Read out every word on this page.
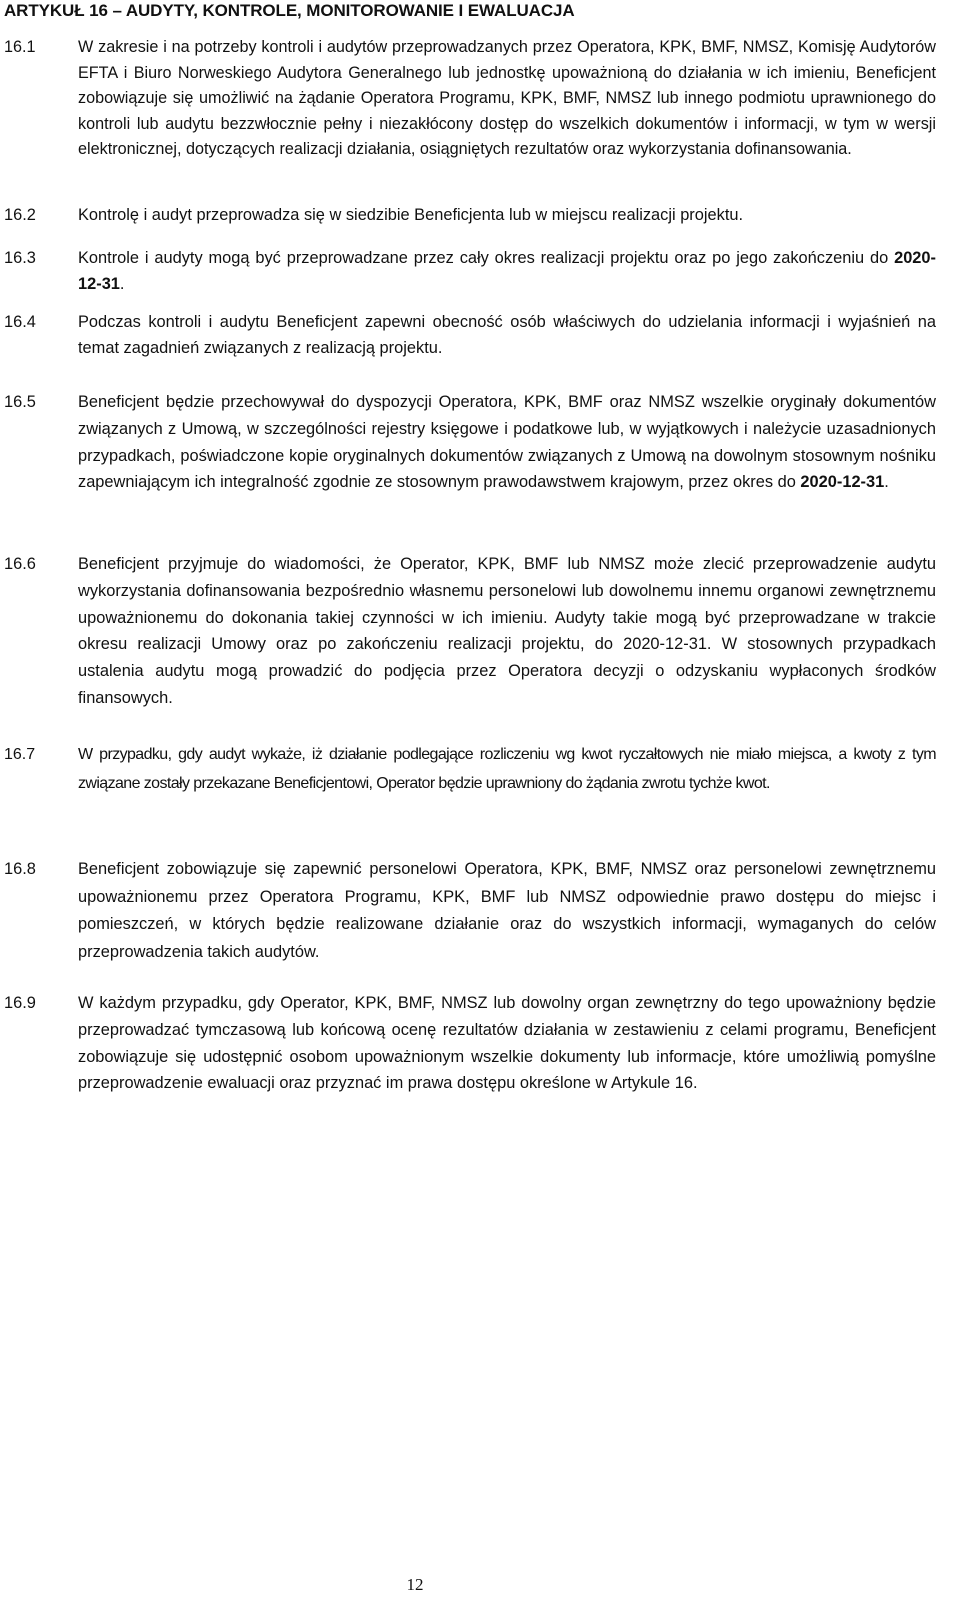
ARTYKUŁ 16 – AUDYTY, KONTROLE, MONITOROWANIE I EWALUACJA
16.1	W zakresie i na potrzeby kontroli i audytów przeprowadzanych przez Operatora, KPK, BMF, NMSZ, Komisję Audytorów EFTA i Biuro Norweskiego Audytora Generalnego lub jednostkę upoważnioną do działania w ich imieniu, Beneficjent zobowiązuje się umożliwić na żądanie Operatora Programu, KPK, BMF, NMSZ lub innego podmiotu uprawnionego do kontroli lub audytu bezzwłocznie pełny i niezakłócony dostęp do wszelkich dokumentów i informacji, w tym w wersji elektronicznej, dotyczących realizacji działania, osiągniętych rezultatów oraz wykorzystania dofinansowania.
16.2	Kontrolę i audyt przeprowadza się w siedzibie Beneficjenta lub w miejscu realizacji projektu.
16.3	Kontrole i audyty mogą być przeprowadzane przez cały okres realizacji projektu oraz po jego zakończeniu do 2020-12-31.
16.4	Podczas kontroli i audytu Beneficjent zapewni obecność osób właściwych do udzielania informacji i wyjaśnień na temat zagadnień związanych z realizacją projektu.
16.5	Beneficjent będzie przechowywał do dyspozycji Operatora, KPK, BMF oraz NMSZ wszelkie oryginały dokumentów związanych z Umową, w szczególności rejestry księgowe i podatkowe lub, w wyjątkowych i należycie uzasadnionych przypadkach, poświadczone kopie oryginalnych dokumentów związanych z Umową na dowolnym stosownym nośniku zapewniającym ich integralność zgodnie ze stosownym prawodawstwem krajowym, przez okres do 2020-12-31.
16.6	Beneficjent przyjmuje do wiadomości, że Operator, KPK, BMF lub NMSZ może zlecić przeprowadzenie audytu wykorzystania dofinansowania bezpośrednio własnemu personelowi lub dowolnemu innemu organowi zewnętrznemu upoważnionemu do dokonania takiej czynności w ich imieniu. Audyty takie mogą być przeprowadzane w trakcie okresu realizacji Umowy oraz po zakończeniu realizacji projektu, do 2020-12-31. W stosownych przypadkach ustalenia audytu mogą prowadzić do podjęcia przez Operatora decyzji o odzyskaniu wypłaconych środków finansowych.
16.7	W przypadku, gdy audyt wykaże, iż działanie podlegające rozliczeniu wg kwot ryczałtowych nie miało miejsca, a kwoty z tym związane zostały przekazane Beneficjentowi, Operator będzie uprawniony do żądania zwrotu tychże kwot.
16.8	Beneficjent zobowiązuje się zapewnić personelowi Operatora, KPK, BMF, NMSZ oraz personelowi zewnętrznemu upoważnionemu przez Operatora Programu, KPK, BMF lub NMSZ odpowiednie prawo dostępu do miejsc i pomieszczeń, w których będzie realizowane działanie oraz do wszystkich informacji, wymaganych do celów przeprowadzenia takich audytów.
16.9	W każdym przypadku, gdy Operator, KPK, BMF, NMSZ lub dowolny organ zewnętrzny do tego upoważniony będzie przeprowadzać tymczasową lub końcową ocenę rezultatów działania w zestawieniu z celami programu, Beneficjent zobowiązuje się udostępnić osobom upoważnionym wszelkie dokumenty lub informacje, które umożliwią pomyślne przeprowadzenie ewaluacji oraz przyznać im prawa dostępu określone w Artykule 16.
12
